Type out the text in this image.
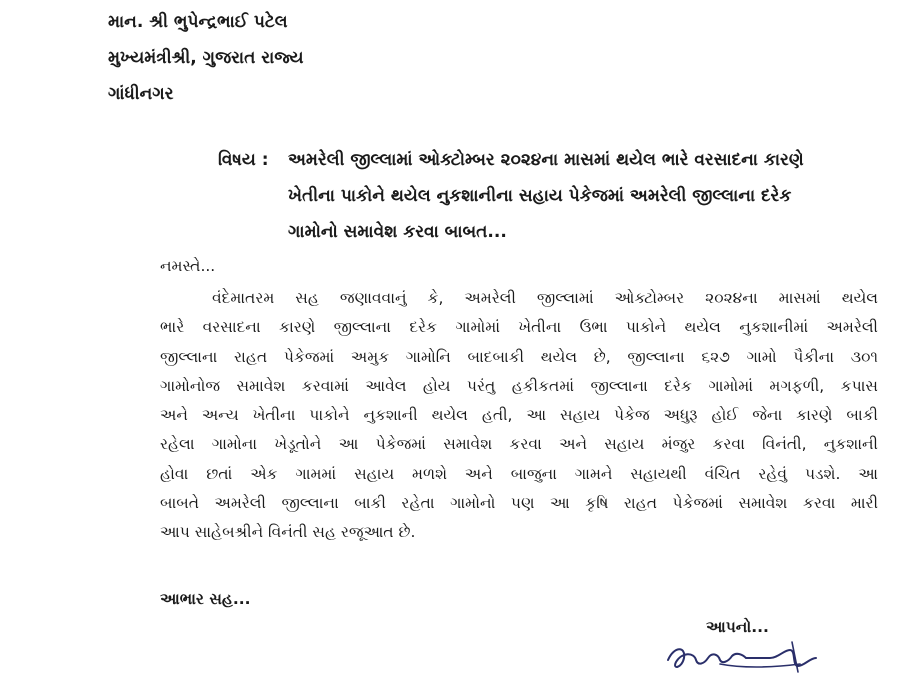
માન. શ્રી ભુપેન્દ્રભાઈ પટેલ
મુખ્યમંત્રીશ્રી, ગુજરાત રાજ્ય
ગાંધીનગર
વિષય : અમરેલી જીલ્લામાં ઓક્ટોમ્બર ૨૦૨૪ના માસમાં થયેલ ભારે વરસાદના કારણે
ખેતીના પાકોને થયેલ નુકશાનીના સહાય પેકેજમાં અમરેલી જીલ્લાના દરેક
ગામોનો સમાવેશ કરવા બાબત...
નમસ્તે...
વંદેમાતરમ સહ જણાવવાનું કે, અમરેલી જીલ્લામાં ઓક્ટોમ્બર ૨૦૨૪ના માસમાં થયેલ
ભારે વરસાદના કારણે જીલ્લાના દરેક ગામોમાં ખેતીના ઉભા પાકોને થયેલ નુકશાનીમાં અમરેલી
જીલ્લાના રાહત પેકેજમાં અમુક ગામોનિ બાદબાકી થયેલ છે, જીલ્લાના ૬૨૭ ગામો પૈકીના ૩૦૧
ગામોનોજ સમાવેશ કરવામાં આવેલ હોય પરંતુ હકીકતમાં જીલ્લાના દરેક ગામોમાં મગફળી, કપાસ
અને અન્ય ખેતીના પાકોને નુકશાની થયેલ હતી, આ સહાય પેકેજ અધુરૂ હોઈ જેના કારણે બાકી
રહેલા ગામોના ખેડૂતોને આ પેકેજમાં સમાવેશ કરવા અને સહાય મંજુર કરવા વિનંતી, નુકશાની
હોવા છતાં એક ગામમાં સહાય મળશે અને બાજુના ગામને સહાયથી વંચિત રહેવું પડશે. આ
બાબતે અમરેલી જીલ્લાના બાકી રહેતા ગામોનો પણ આ કૃષિ રાહત પેકેજમાં સમાવેશ કરવા મારી
આપ સાહેબશ્રીને વિનંતી સહ રજૂઆત છે.
આભાર સહ...
આપનો...
